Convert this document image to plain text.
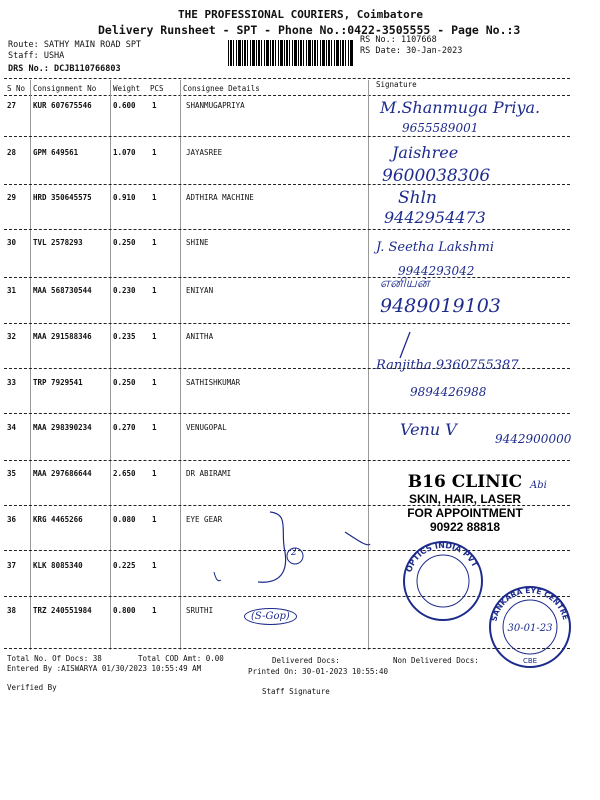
THE PROFESSIONAL COURIERS, Coimbatore
Delivery Runsheet - SPT - Phone No.:0422-3505555 - Page No.:3
Route: SATHY MAIN ROAD SPT
Staff: USHA
DRS No.: DCJB110766803
RS No.: 1107668
RS Date: 30-Jan-2023
S No Consignment No Weight PCS	Consignee Details	Signature
27 KUR 607675546	0.600 1	SHANMUGAPRIYA
28 GPM 649561	1.070 1	JAYASREE
29 HRD 350645575	0.910 1	ADTHIRA MACHINE
30 TVL 2578293	0.250 1	SHINE
31 MAA 568730544	0.230 1	ENIYAN
32 MAA 291588346	0.235 1	ANITHA
33 TRP 7929541	0.250 1	SATHISHKUMAR
34 MAA 298390234	0.270 1	VENUGOPAL
35 MAA 297686644	2.650 1	DR ABIRAMI
36 KRG 4465266	0.080 1	EYE GEAR
37 KLK 8085340	0.225 1
38 TRZ 240551984	0.800 1	SRUTHI
M.Shanmuga Priya.
9655589001
Jaishree
9600038306
Shln
9442954473
J. Seetha Lakshmi
9944293042
எனியன்
9489019103
Ranjitha 9360755387
9894426988
Venu V	9442900000
Abi
B16 CLINIC
SKIN, HAIR, LASER
FOR APPOINTMENT
90922 88818
2
(S-Gop)
OPTICS INDIA PVT
SANKARA EYE CENTRE
30-01-23
CBE
Total No. Of Docs: 38	Total COD Amt: 0.00	Delivered Docs:	Non Delivered Docs:
Entered By :AISWARYA 01/30/2023 10:55:49 AM	Printed On: 30-01-2023 10:55:40
Verified By	Staff Signature
